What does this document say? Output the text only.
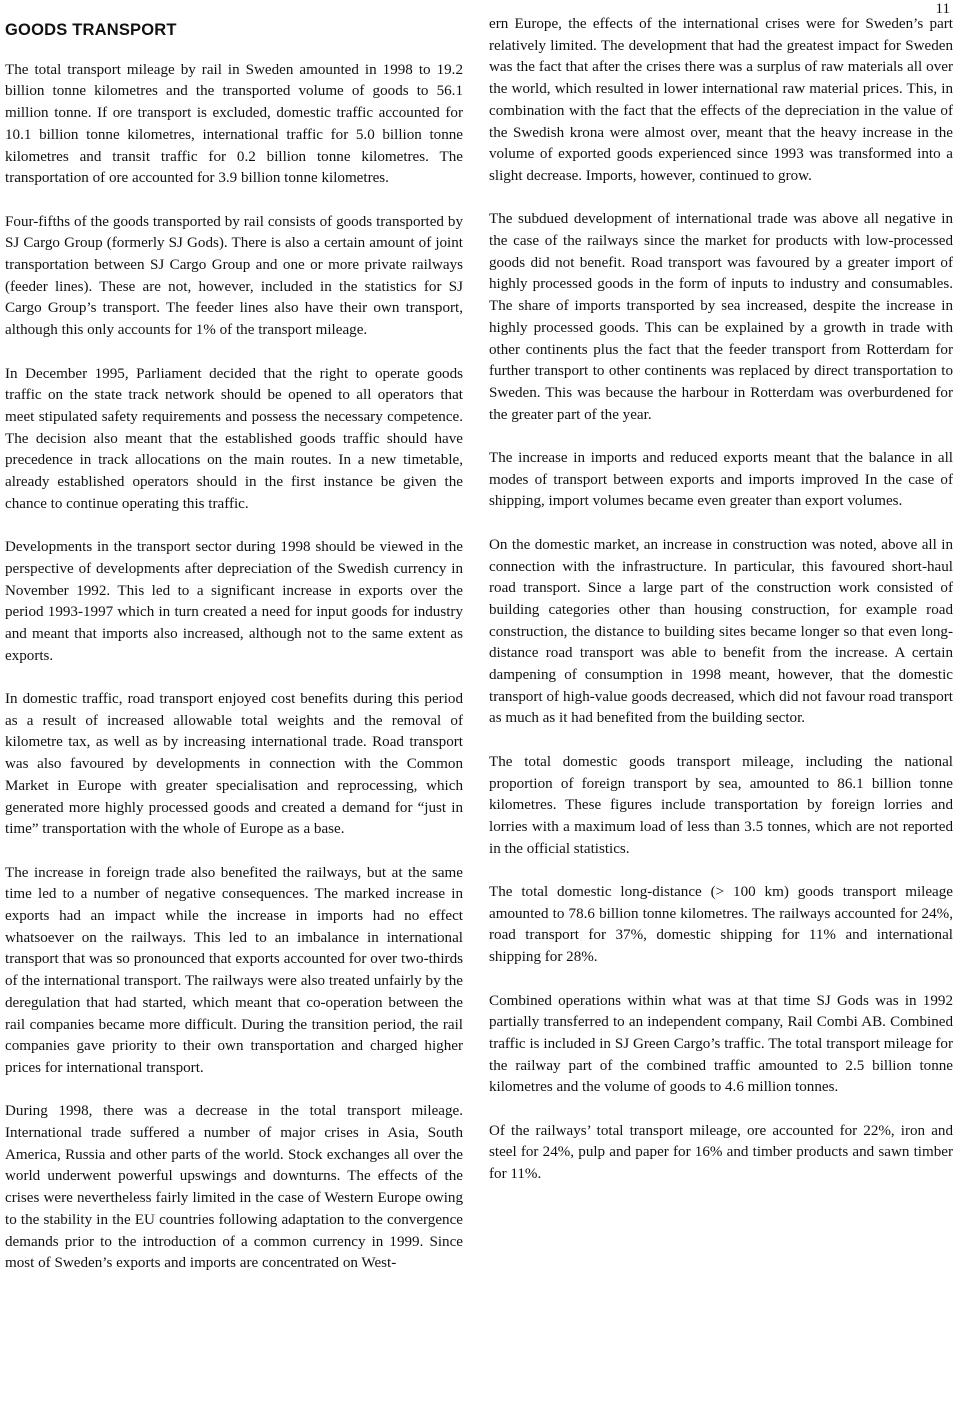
11
GOODS TRANSPORT

The total transport mileage by rail in Sweden amounted in 1998 to 19.2 billion tonne kilometres and the transported volume of goods to 56.1 million tonne. If ore transport is excluded, domestic traffic accounted for 10.1 billion tonne kilometres, international traffic for 5.0 billion tonne kilometres and transit traffic for 0.2 billion tonne kilometres. The transportation of ore accounted for 3.9 billion tonne kilometres.

Four-fifths of the goods transported by rail consists of goods transported by SJ Cargo Group (formerly SJ Gods). There is also a certain amount of joint transportation between SJ Cargo Group and one or more private railways (feeder lines). These are not, however, included in the statistics for SJ Cargo Group’s transport. The feeder lines also have their own transport, although this only accounts for 1% of the transport mileage.

In December 1995, Parliament decided that the right to operate goods traffic on the state track network should be opened to all operators that meet stipulated safety requirements and possess the necessary competence. The decision also meant that the established goods traffic should have precedence in track allocations on the main routes. In a new timetable, already established operators should in the first instance be given the chance to continue operating this traffic.

Developments in the transport sector during 1998 should be viewed in the perspective of developments after depreciation of the Swedish currency in November 1992. This led to a significant increase in exports over the period 1993-1997 which in turn created a need for input goods for industry and meant that imports also increased, although not to the same extent as exports.

In domestic traffic, road transport enjoyed cost benefits during this period as a result of increased allowable total weights and the removal of kilometre tax, as well as by increasing international trade. Road transport was also favoured by developments in connection with the Common Market in Europe with greater specialisation and reprocessing, which generated more highly processed goods and created a demand for “just in time” transportation with the whole of Europe as a base.

The increase in foreign trade also benefited the railways, but at the same time led to a number of negative consequences. The marked increase in exports had an impact while the increase in imports had no effect whatsoever on the railways. This led to an imbalance in international transport that was so pronounced that exports accounted for over two-thirds of the international transport. The railways were also treated unfairly by the deregulation that had started, which meant that co-operation between the rail companies became more difficult. During the transition period, the rail companies gave priority to their own transportation and charged higher prices for international transport.

During 1998, there was a decrease in the total transport mileage. International trade suffered a number of major crises in Asia, South America, Russia and other parts of the world. Stock exchanges all over the world underwent powerful upswings and downturns. The effects of the crises were nevertheless fairly limited in the case of Western Europe owing to the stability in the EU countries following adaptation to the convergence demands prior to the introduction of a common currency in 1999. Since most of Sweden’s exports and imports are concentrated on West-

ern Europe, the effects of the international crises were for Sweden’s part relatively limited. The development that had the greatest impact for Sweden was the fact that after the crises there was a surplus of raw materials all over the world, which resulted in lower international raw material prices. This, in combination with the fact that the effects of the depreciation in the value of the Swedish krona were almost over, meant that the heavy increase in the volume of exported goods experienced since 1993 was transformed into a slight decrease. Imports, however, continued to grow.

The subdued development of international trade was above all negative in the case of the railways since the market for products with low-processed goods did not benefit. Road transport was favoured by a greater import of highly processed goods in the form of inputs to industry and consumables. The share of imports transported by sea increased, despite the increase in highly processed goods. This can be explained by a growth in trade with other continents plus the fact that the feeder transport from Rotterdam for further transport to other continents was replaced by direct transportation to Sweden. This was because the harbour in Rotterdam was overburdened for the greater part of the year.

The increase in imports and reduced exports meant that the balance in all modes of transport between exports and imports improved In the case of shipping, import volumes became even greater than export volumes.

On the domestic market, an increase in construction was noted, above all in connection with the infrastructure. In particular, this favoured short-haul road transport. Since a large part of the construction work consisted of building categories other than housing construction, for example road construction, the distance to building sites became longer so that even long-distance road transport was able to benefit from the increase. A certain dampening of consumption in 1998 meant, however, that the domestic transport of high-value goods decreased, which did not favour road transport as much as it had benefited from the building sector.

The total domestic goods transport mileage, including the national proportion of foreign transport by sea, amounted to 86.1 billion tonne kilometres. These figures include transportation by foreign lorries and lorries with a maximum load of less than 3.5 tonnes, which are not reported in the official statistics.

The total domestic long-distance (> 100 km) goods transport mileage amounted to 78.6 billion tonne kilometres. The railways accounted for 24%, road transport for 37%, domestic shipping for 11% and international shipping for 28%.

Combined operations within what was at that time SJ Gods was in 1992 partially transferred to an independent company, Rail Combi AB. Combined traffic is included in SJ Green Cargo’s traffic. The total transport mileage for the railway part of the combined traffic amounted to 2.5 billion tonne kilometres and the volume of goods to 4.6 million tonnes.

Of the railways’ total transport mileage, ore accounted for 22%, iron and steel for 24%, pulp and paper for 16% and timber products and sawn timber for 11%.
